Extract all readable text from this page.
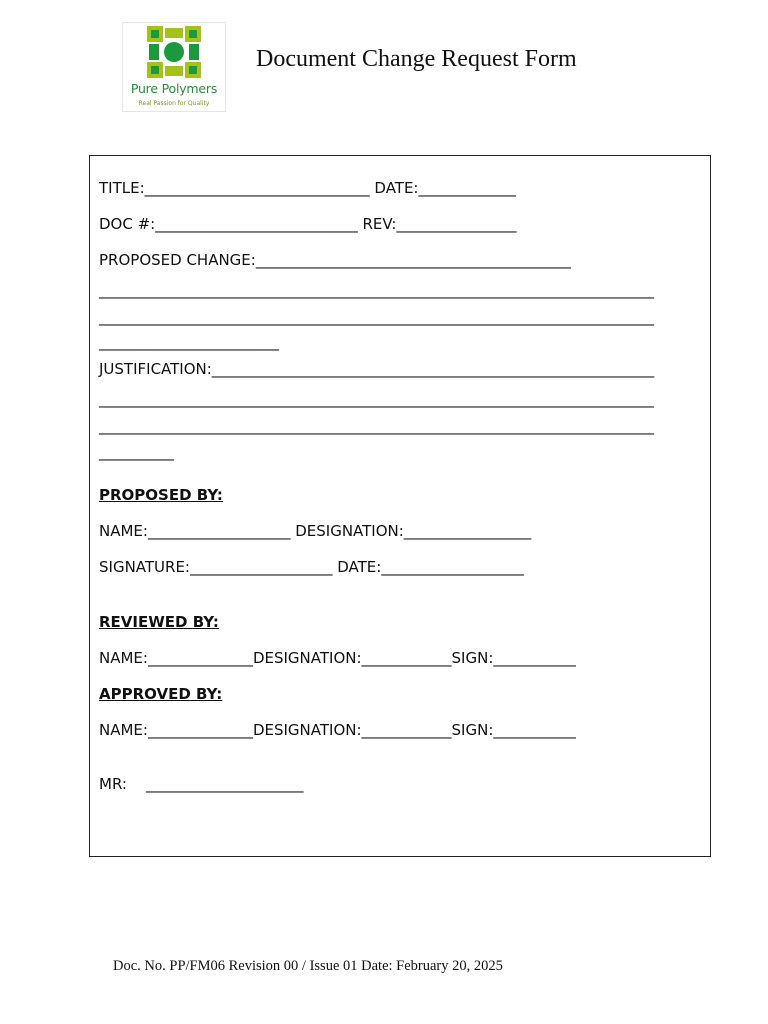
Pure Polymers
Real Passion for Quality
Document Change Request Form
TITLE:______________________________ DATE:_____________
DOC #:___________________________ REV:________________
PROPOSED CHANGE:__________________________________________
__________________________________________________________________________
__________________________________________________________________________
________________________
JUSTIFICATION:___________________________________________________________
__________________________________________________________________________
__________________________________________________________________________
__________
PROPOSED BY:
NAME:___________________ DESIGNATION:_________________
SIGNATURE:___________________ DATE:___________________
REVIEWED BY:
NAME:______________DESIGNATION:____________SIGN:___________
APPROVED BY:
NAME:______________DESIGNATION:____________SIGN:___________
MR:    _____________________
Doc. No. PP/FM06 Revision 00 / Issue 01 Date: February 20, 2025
